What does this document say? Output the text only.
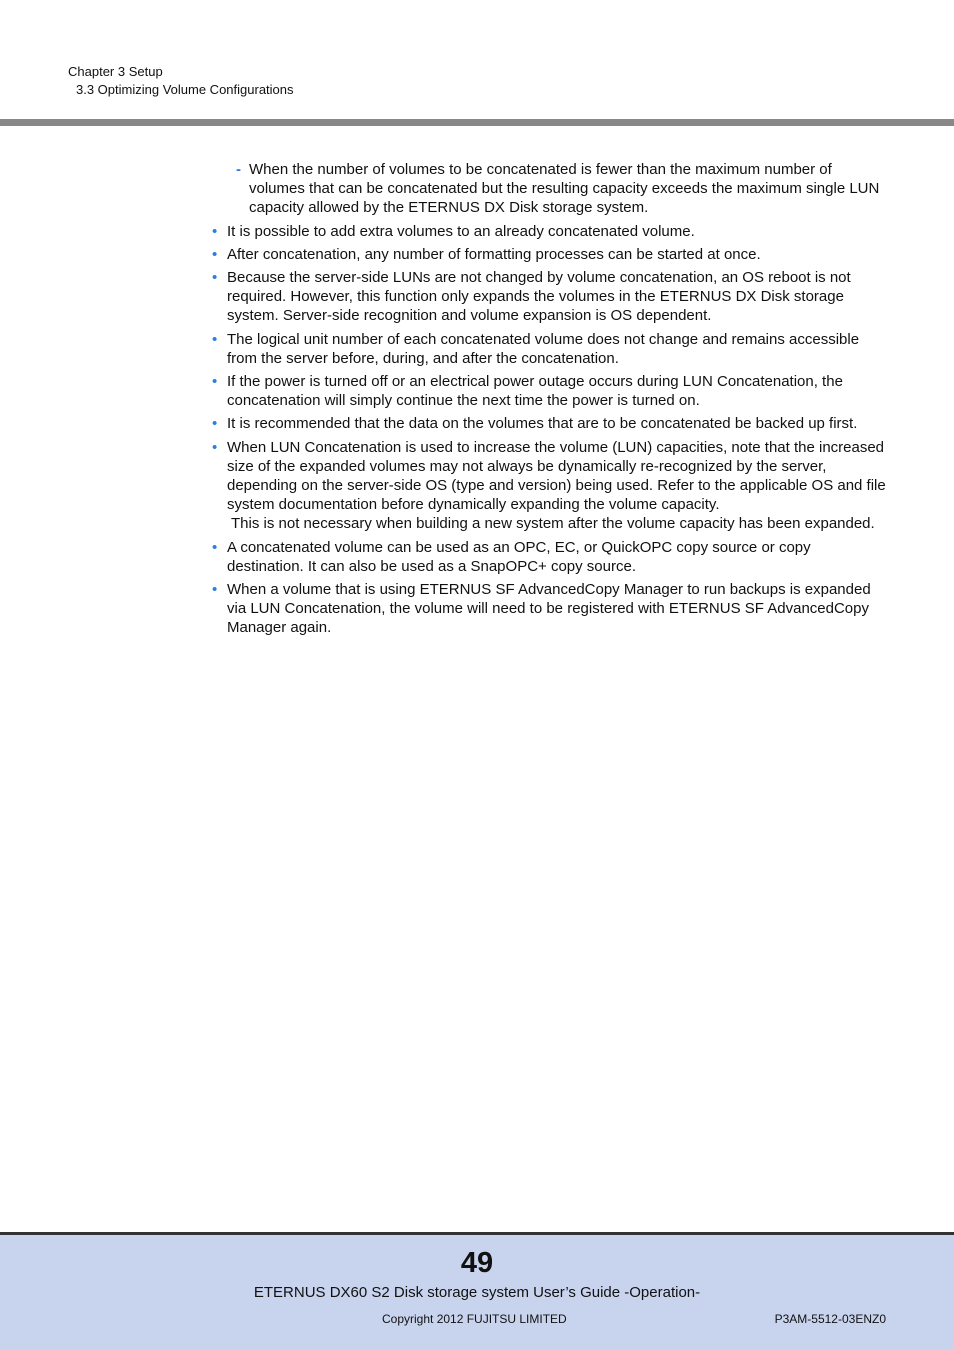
Chapter 3 Setup
3.3 Optimizing Volume Configurations
- When the number of volumes to be concatenated is fewer than the maximum number of volumes that can be concatenated but the resulting capacity exceeds the maximum single LUN capacity allowed by the ETERNUS DX Disk storage system.
• It is possible to add extra volumes to an already concatenated volume.
• After concatenation, any number of formatting processes can be started at once.
• Because the server-side LUNs are not changed by volume concatenation, an OS reboot is not required. However, this function only expands the volumes in the ETERNUS DX Disk storage system. Server-side recognition and volume expansion is OS dependent.
• The logical unit number of each concatenated volume does not change and remains accessible from the server before, during, and after the concatenation.
• If the power is turned off or an electrical power outage occurs during LUN Concatenation, the concatenation will simply continue the next time the power is turned on.
• It is recommended that the data on the volumes that are to be concatenated be backed up first.
• When LUN Concatenation is used to increase the volume (LUN) capacities, note that the increased size of the expanded volumes may not always be dynamically re-recognized by the server, depending on the server-side OS (type and version) being used. Refer to the applicable OS and file system documentation before dynamically expanding the volume capacity.
This is not necessary when building a new system after the volume capacity has been expanded.
• A concatenated volume can be used as an OPC, EC, or QuickOPC copy source or copy destination. It can also be used as a SnapOPC+ copy source.
• When a volume that is using ETERNUS SF AdvancedCopy Manager to run backups is expanded via LUN Concatenation, the volume will need to be registered with ETERNUS SF AdvancedCopy Manager again.
49
ETERNUS DX60 S2 Disk storage system User’s Guide -Operation-
Copyright 2012 FUJITSU LIMITED	P3AM-5512-03ENZ0
